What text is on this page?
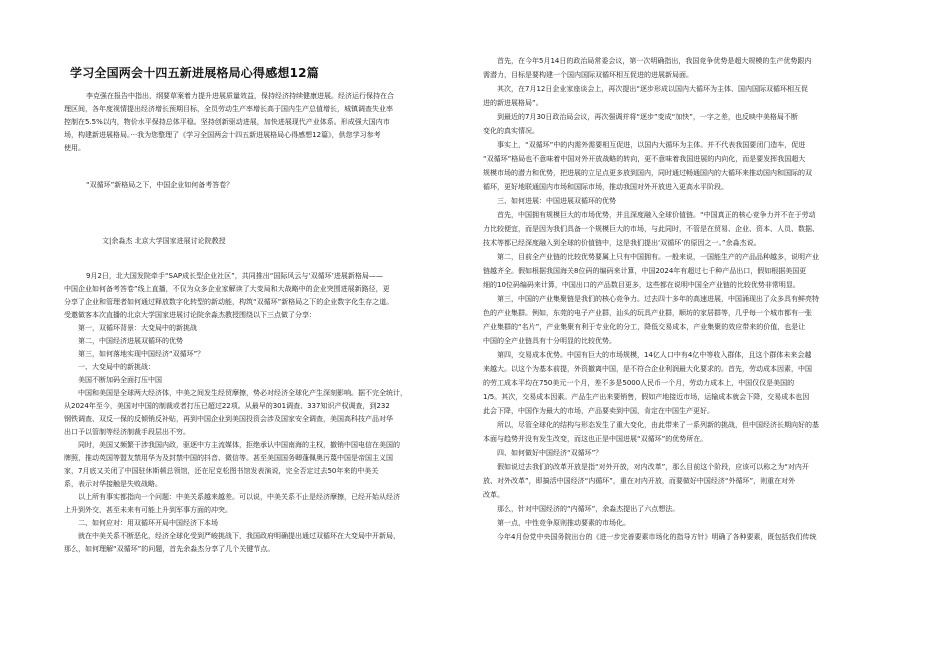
学习全国两会十四五新进展格局心得感想12篇
李克强在报告中指出，纲要草案着力提升进展质量效益，保持经济持续健康进展。经济运行保持在合
理区间，各年度视情提出经济增长预期目标，全员劳动生产率增长高于国内生产总值增长，城镇调查失业率
控制在5.5%以内，物价水平保持总体平稳。坚持创新驱动进展，加快进展现代产业体系。形成强大国内市
场，构建新进展格局。···我为您整理了《学习全国两会十四五新进展格局心得感想12篇》，供您学习参考
使用。
“双循环”新格局之下，中国企业如何备考答卷？
文|余淼杰 北京大学国家进展讨论院教授
9月2日，北大国发院牵手“SAP成长型企业社区”，共同推出“国际风云与‘双循环’进展新格局——
中国企业如何备考答卷”线上直播，不仅为众多企业家解读了大变局和大战略中的企业突围进展新路径，更
分享了企业和管理者如何通过释放数字化转型的新动能，构筑“双循环”新格局之下的企业数字化生存之道。
受邀做客本次直播的北京大学国家进展讨论院余淼杰教授围绕以下三点做了分享：
第一，双循环背景：大变局中的新挑战
第二，中国经济进展双循环的优势
第三，如何落地实现中国经济“双循环”？
一、大变局中的新挑战：
美国不断加码全面打压中国
中国和美国是全球两大经济体，中美之间发生经贸摩擦，势必对经济全球化产生深刻影响。据不完全统计，
从2024年至今，美国对中国的制裁或者打压已超过22项。从最早的301调查、337知识产权调查，到232
钢铁调查、双反一保的反倾销反补贴，再到中国企业到美国投资会涉及国家安全调查，美国高科技产品对华
出口予以管制等经济制裁手段层出不穷。
同时，美国又频繁干涉我国内政，驱逐中方主流媒体，拒绝承认中国南海的主权，撤销中国电信在美国的
牌照，推动英国等盟友禁用华为及封禁中国的抖音、微信等。甚至美国国务卿蓬佩奥污蔑中国是帝国主义国
家，7月底又关闭了中国驻休斯顿总领馆，还在尼克松图书馆发表演说，完全否定过去50年来的中美关
系，表示对华接触是失败战略。
以上所有事实都指向一个问题：中美关系越来越差。可以说，中美关系不止是经济摩擦，已经开始从经济
上升到外交，甚至未来有可能上升到军事方面的冲突。
二、如何应对：用双循环开局中国经济下本场
就在中美关系不断恶化，经济全球化受到严峻挑战下，我国政府明确提出通过双循环在大变局中开新局，
那么，如何理解“双循环”的问题，首先余淼杰分享了几个关键节点。
首先，在今年5月14日的政治局常委会议，第一次明确指出，我国竞争优势是超大规模的生产优势跟内
需潜力，目标是要构建一个国内国际双循环相互促进的进展新局面。
其次，在7月12日企业家座谈会上，再次提出“逐步形成以国内大循环为主体、国内国际双循环相互促
进的新进展格局”。
到最近的7月30日政治局会议，再次强调并将“逐步”变成“加快”，一字之差，也反映中美格局不断
变化的真实情况。
事实上，“双循环”中的内需外需要相互促进，以国内大循环为主体。并不代表我国要闭门造车，促进
“双循环”格局也不意味着中国对外开放战略的转向，更不意味着我国进展的内向化，而是要发挥我国超大
规模市场的潜力和优势，把进展的立足点更多放到国内，同时通过畅通国内的大循环来推动国内和国际的双
循环，更好地联通国内市场和国际市场，推动我国对外开放进入更高水平阶段。
三、如何进展：中国进展双循环的优势
首先，中国拥有规模巨大的市场优势，并且深度融入全球价值链。“中国真正的核心竞争力并不在于劳动
力比较便宜，而是因为我们具备一个规模巨大的市场，与此同时，不管是在贸易、企业、资本、人员、数据、
技术等都已经深度融入到全球的价值链中，这是我们提出‘双循环’的原因之一。”余淼杰说。
第二，目前全产业链的比较优势要属上只有中国拥有。一般来说，一国能生产的产品品种越多，说明产业
链越齐全。假如根据我国海关8位码的编码来计算，中国2024年有超过七千种产品出口，假如根据美国更
细的10位码编码来计算，中国出口的产品数目更多，这些都在说明中国全产业链的比较优势非常明显。
第三，中国的产业集聚链是我们的核心竞争力。过去四十多年的高速进展，中国涌现出了众多具有鲜亮特
色的产业集群。例如，东莞的电子产业群，汕头的玩具产业群，顺坊的家居群等，几乎每一个城市都有一张
产业集群的“名片”，产业集聚有利于专业化的分工，降低交易成本，产业集聚的效应带来的价值，也是让
中国的全产业链具有十分明显的比较优势。
第四，交易成本优势。中国有巨大的市场规模，14亿人口中有4亿中等收入群体，且这个群体未来会越
来越大。以这个为基本前提，外资撤离中国，是不符合企业利润最大化要求的。首先，劳动成本因素，中国
的劳工成本平均在750美元一个月，差不多是5000人民币一个月，劳动力成本上，中国仅仅是美国的
1/5。其次，交易成本因素。产品生产出来要销售，假如产地接近市场，运输成本就会下降，交易成本也因
此会下降，中国作为最大的市场，产品要卖到中国，肯定在中国生产更好。
所以，尽管全球化的结构与形态发生了重大变化，由此带来了一系列新的挑战，但中国经济长期向好的基
本面与趋势并没有发生改变，而这也正是中国进展“双循环”的优势所在。
四、如何做好中国经济“双循环”？
假如说过去我们的改革开放是指“对外开放，对内改革”，那么目前这个阶段，应该可以称之为“对内开
放、对外改革”，即搞活中国经济“内循环”，重在对内开放，而要做好中国经济“外循环”，则重在对外
改革。
那么，针对中国经济的“内循环”，余淼杰提出了六点想法。
第一点，中性竞争原则推动要素的市场化。
今年4月份党中央国务院出台的《进一步完善要素市场化的指导方针》明确了各种要素，既包括我们传统
